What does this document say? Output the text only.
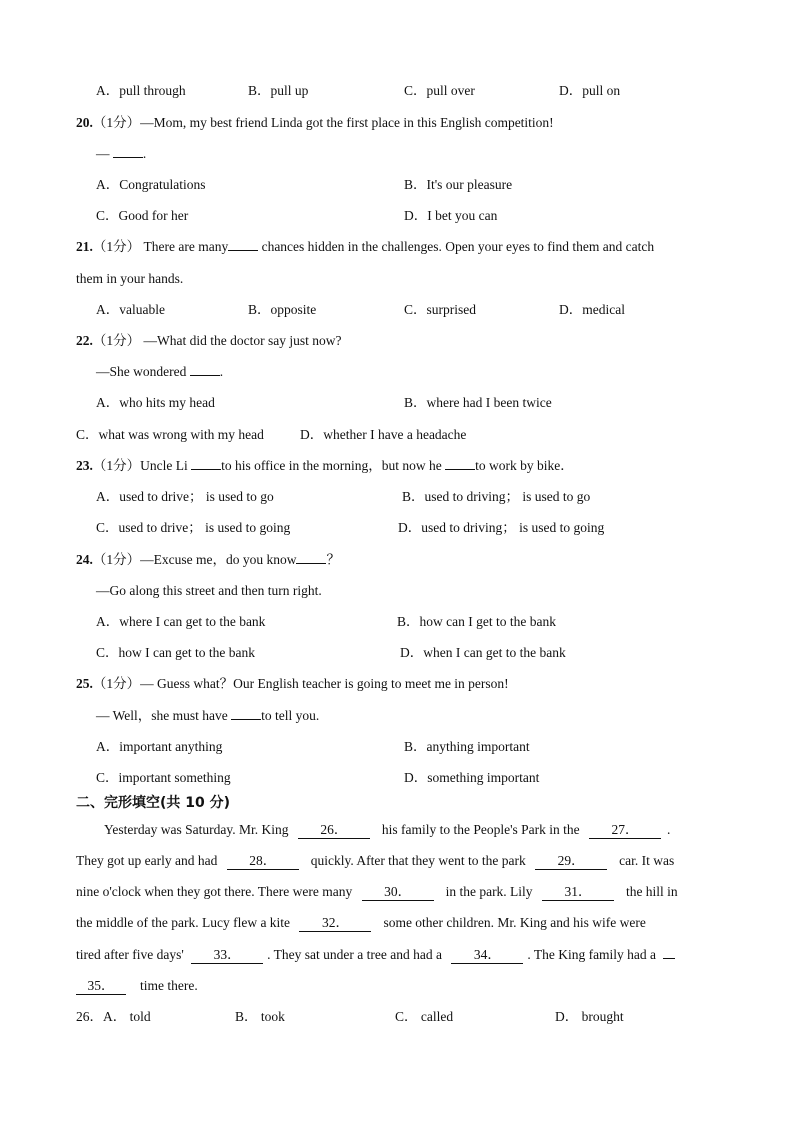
A．pull through	B．pull up	C．pull over	D．pull on
20.（1分）—Mom, my best friend Linda got the first place in this English competition!
— .
A．Congratulations	B．It's our pleasure
C．Good for her	D．I bet you can
21.（1分） There are many chances hidden in the challenges. Open your eyes to find them and catch
them in your hands.
A．valuable	B．opposite	C．surprised	D．medical
22.（1分） —What did the doctor say just now?
—She wondered .
A．who hits my head	B．where had I been twice
C．what was wrong with my head	D．whether I have a headache
23.（1分）Uncle Li to his office in the morning，but now he to work by bike．
A．used to drive； is used to go	B．used to driving； is used to go
C．used to drive； is used to going	D．used to driving； is used to going
24.（1分）—Excuse me，do you know ？
—Go along this street and then turn right.
A．where I can get to the bank	B．how can I get to the bank
C．how I can get to the bank	D．when I can get to the bank
25.（1分）— Guess what？Our English teacher is going to meet me in person!
— Well，she must have to tell you.
A．important anything	B．anything important
C．important something	D．something important
二、完形填空(共 10 分)
Yesterday was Saturday. Mr. King 26．	his family to the People's Park in the 27． .
They got up early and had 28．	quickly. After that they went to the park 29．	car. It was
nine o'clock when they got there. There were many 30．	in the park. Lily 31．	the hill in
the middle of the park. Lucy flew a kite 32．	some other children. Mr. King and his wife were
tired after five days' 33． . They sat under a tree and had a 34． . The King family had a
35． time there.
26．A． told	B． took	C． called	D． brought
